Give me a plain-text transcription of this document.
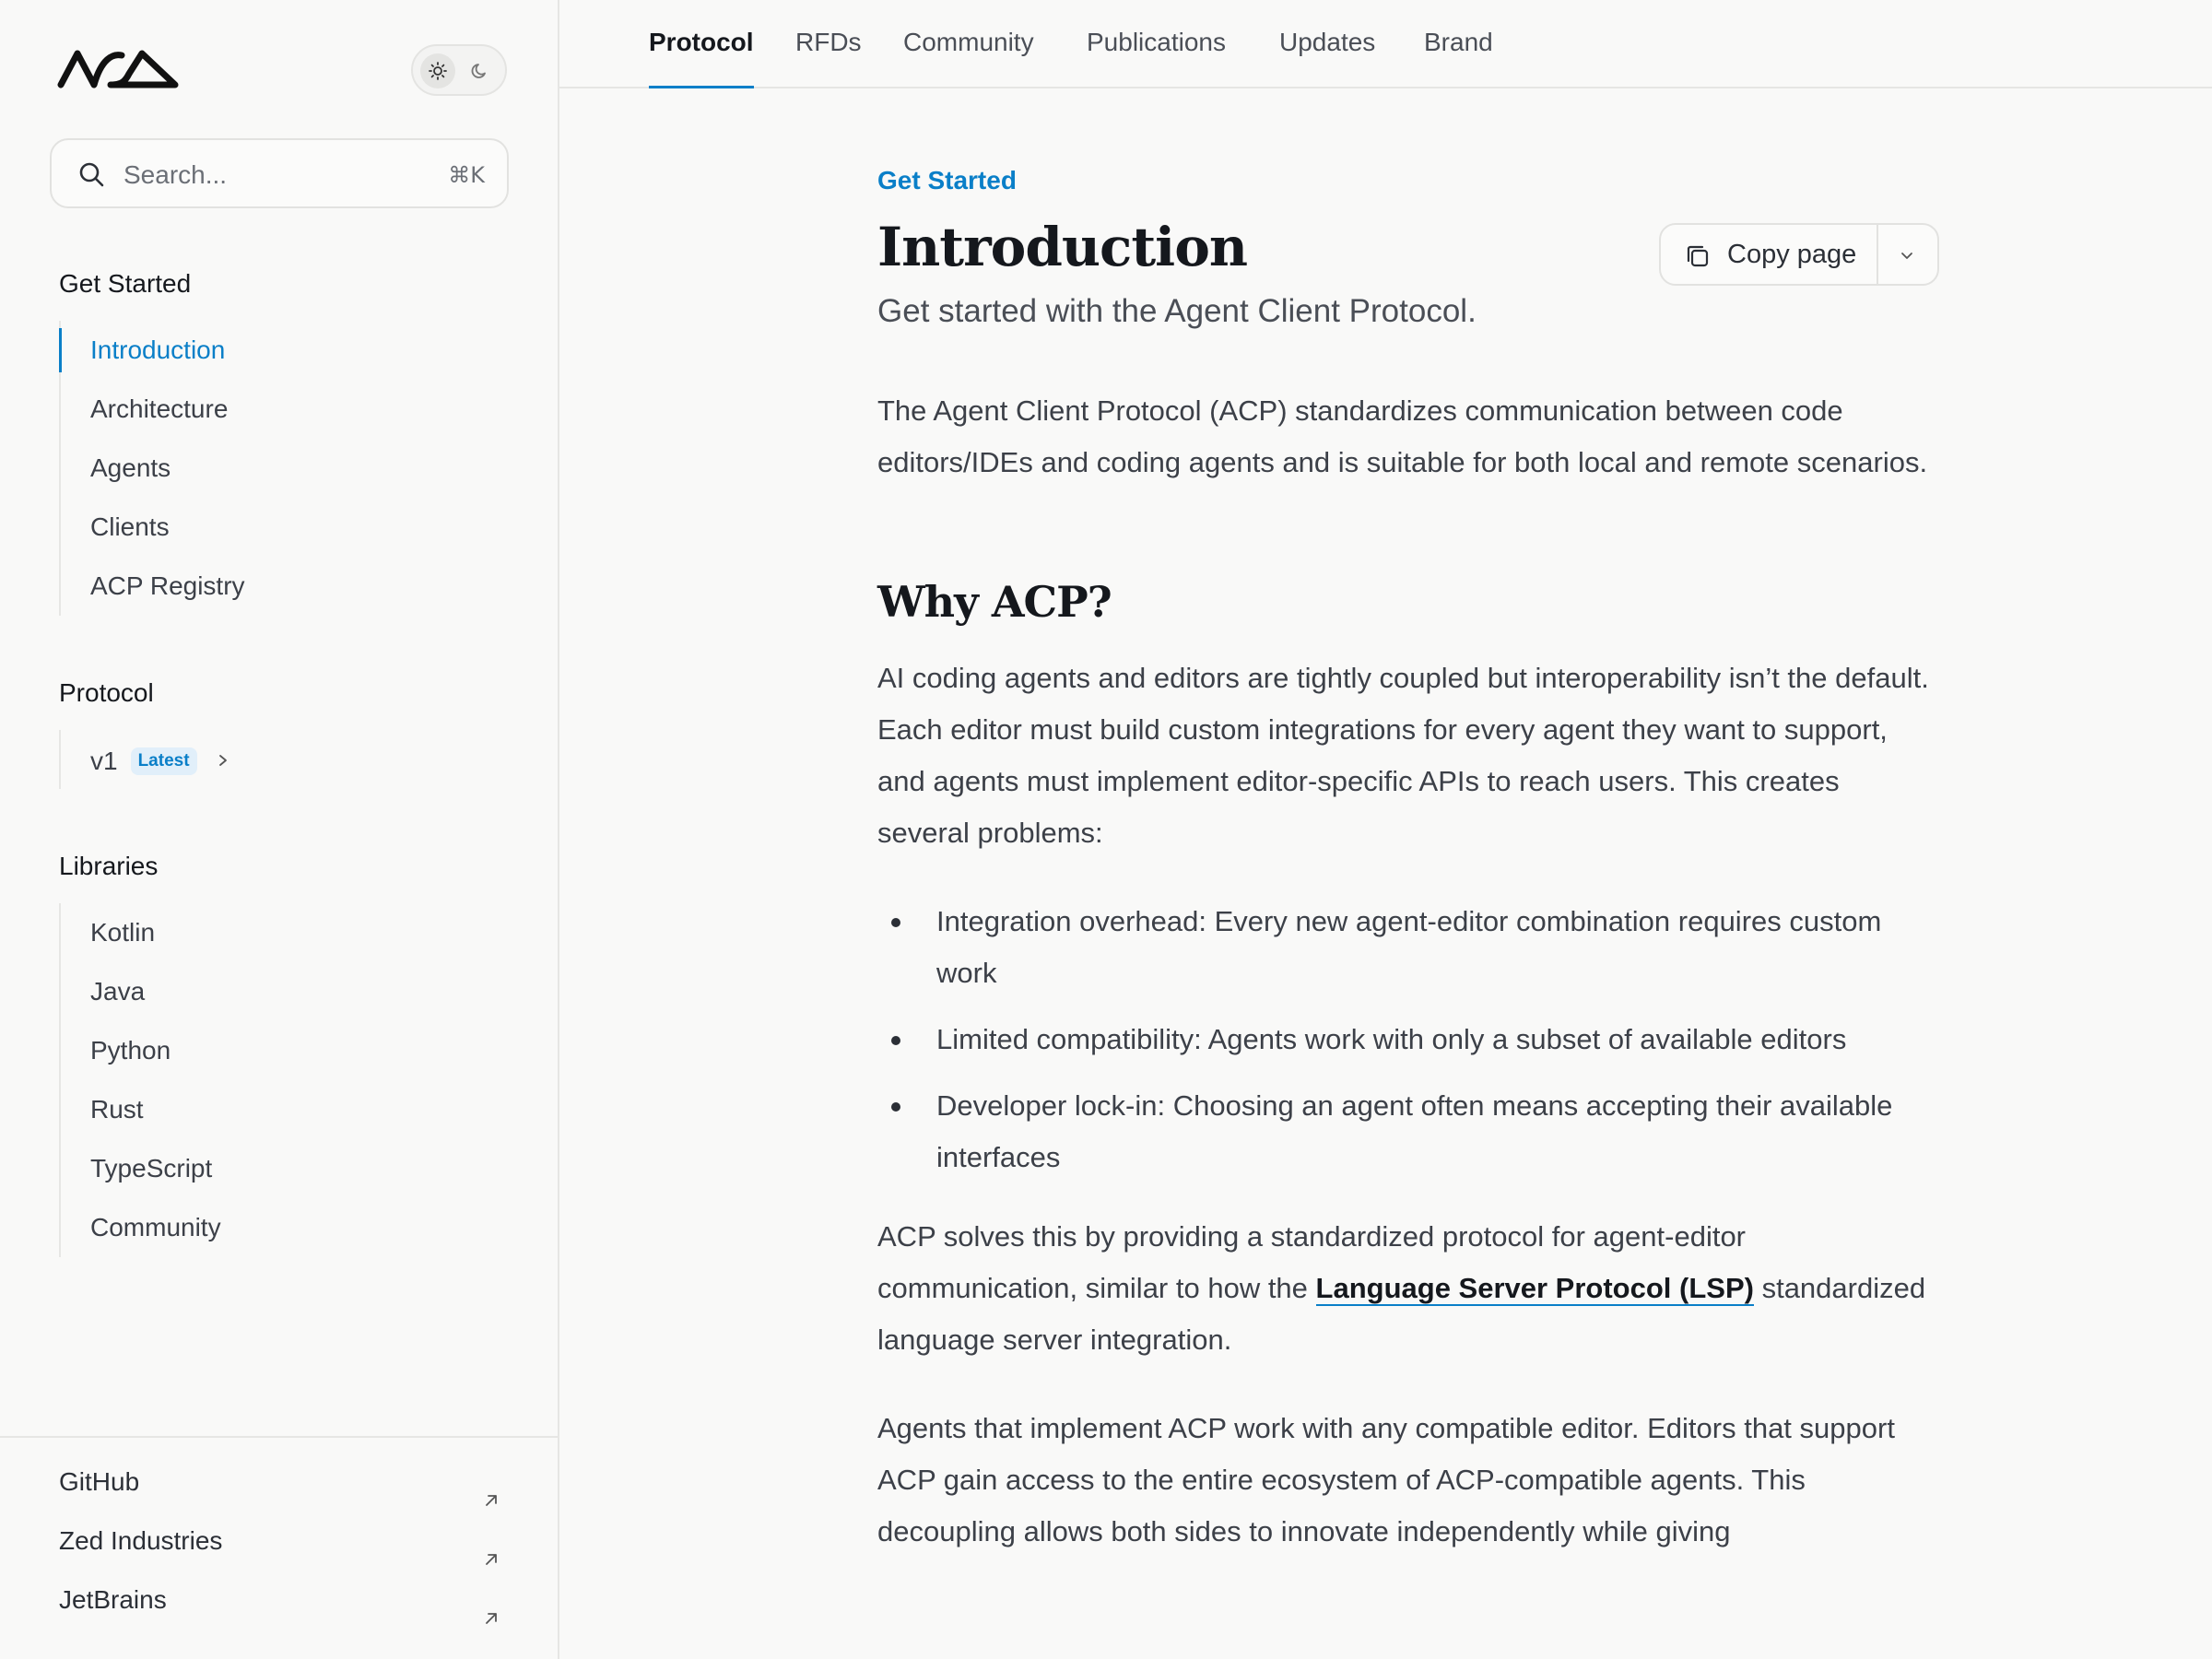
Search...	⌘K
Get Started
Introduction
Architecture
Agents
Clients
ACP Registry
Protocol
v1 Latest
Libraries
Kotlin
Java
Python
Rust
TypeScript
Community
GitHub
Zed Industries
JetBrains
Protocol RFDs Community Publications Updates Brand
Copy page
Get Started
Introduction
Get started with the Agent Client Protocol.

The Agent Client Protocol (ACP) standardizes communication between code editors/IDEs and coding agents and is suitable for both local and remote scenarios.

Why ACP?

AI coding agents and editors are tightly coupled but interoperability isn’t the default. Each editor must build custom integrations for every agent they want to support, and agents must implement editor-specific APIs to reach users. This creates several problems:

Integration overhead: Every new agent-editor combination requires custom work
Limited compatibility: Agents work with only a subset of available editors
Developer lock-in: Choosing an agent often means accepting their available interfaces

ACP solves this by providing a standardized protocol for agent-editor communication, similar to how the Language Server Protocol (LSP) standardized language server integration.

Agents that implement ACP work with any compatible editor. Editors that support ACP gain access to the entire ecosystem of ACP-compatible agents. This decoupling allows both sides to innovate independently while giving
